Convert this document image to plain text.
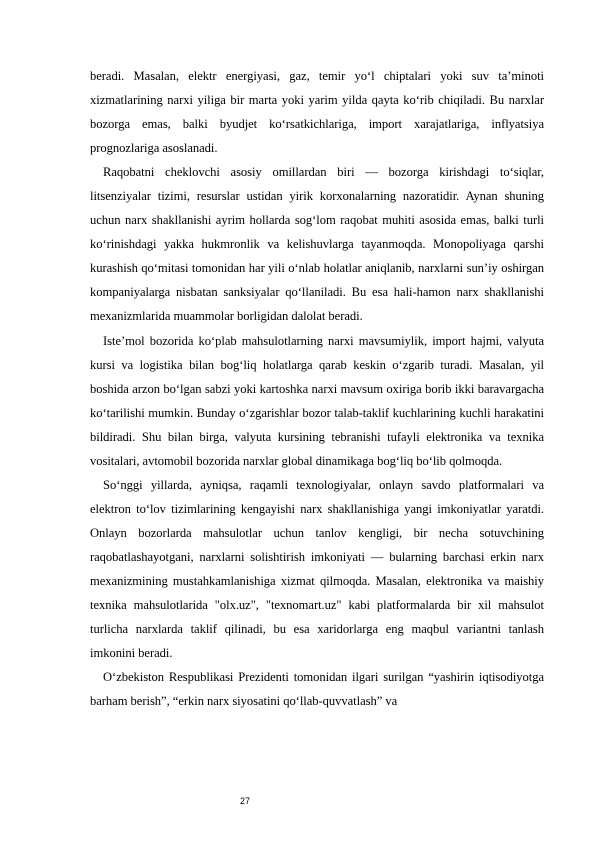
beradi. Masalan, elektr energiyasi, gaz, temir yo‘l chiptalari yoki suv ta’minoti xizmatlarining narxi yiliga bir marta yoki yarim yilda qayta ko‘rib chiqiladi. Bu narxlar bozorga emas, balki byudjet ko‘rsatkichlariga, import xarajatlariga, inflyatsiya prognozlariga asoslanadi.

Raqobatni cheklovchi asosiy omillardan biri — bozorga kirishdagi to‘siqlar, litsenziyalar tizimi, resurslar ustidan yirik korxonalarning nazoratidir. Aynan shuning uchun narx shakllanishi ayrim hollarda sog‘lom raqobat muhiti asosida emas, balki turli ko‘rinishdagi yakka hukmronlik va kelishuvlarga tayanmoqda. Monopoliyaga qarshi kurashish qo‘mitasi tomonidan har yili o‘nlab holatlar aniqlanib, narxlarni sun’iy oshirgan kompaniyalarga nisbatan sanksiyalar qo‘llaniladi. Bu esa hali-hamon narx shakllanishi mexanizmlarida muammolar borligidan dalolat beradi.

Iste’mol bozorida ko‘plab mahsulotlarning narxi mavsumiylik, import hajmi, valyuta kursi va logistika bilan bog‘liq holatlarga qarab keskin o‘zgarib turadi. Masalan, yil boshida arzon bo‘lgan sabzi yoki kartoshka narxi mavsum oxiriga borib ikki baravargacha ko‘tarilishi mumkin. Bunday o‘zgarishlar bozor talab-taklif kuchlarining kuchli harakatini bildiradi. Shu bilan birga, valyuta kursining tebranishi tufayli elektronika va texnika vositalari, avtomobil bozorida narxlar global dinamikaga bog‘liq bo‘lib qolmoqda.

So‘nggi yillarda, ayniqsa, raqamli texnologiyalar, onlayn savdo platformalari va elektron to‘lov tizimlarining kengayishi narx shakllanishiga yangi imkoniyatlar yaratdi. Onlayn bozorlarda mahsulotlar uchun tanlov kengligi, bir necha sotuvchining raqobatlashayotgani, narxlarni solishtirish imkoniyati — bularning barchasi erkin narx mexanizmining mustahkamlanishiga xizmat qilmoqda. Masalan, elektronika va maishiy texnika mahsulotlarida "olx.uz", "texnomart.uz" kabi platformalarda bir xil mahsulot turlicha narxlarda taklif qilinadi, bu esa xaridorlarga eng maqbul variantni tanlash imkonini beradi.

O‘zbekiston Respublikasi Prezidenti tomonidan ilgari surilgan “yashirin iqtisodiyotga barham berish”, “erkin narx siyosatini qo‘llab-quvvatlash” va

27
